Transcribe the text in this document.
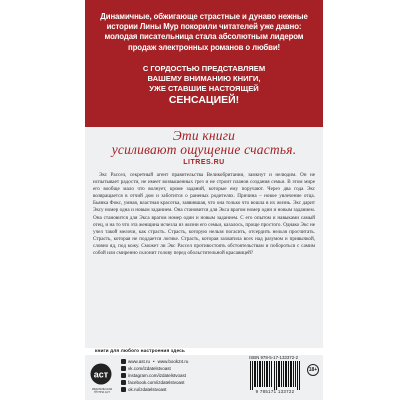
Динамичные, обжигающе страстные и дунаво нежные истории Лины Мур покорили читателей уже давно: молодая писательница стала абсолютным лидером продаж электронных романов о любви!

С ГОРДОСТЬЮ ПРЕДСТАВЛЯЕМ
ВАШЕМУ ВНИМАНИЮ КНИГИ,
УЖЕ СТАВШИЕ НАСТОЯЩЕЙ
СЕНСАЦИЕЙ!
Эти книги
усиливают ощущение счастья.
LITRES.RU

Экс Рассел, секретный агент правительства Великобритании, замкнут и нелюдим. Он не испытывает радости, не имеет возвышенных грез и не строит планов создания семьи. В этом мире его вообще мало что волнует, кроме заданий, которые ему поручают. Через два года Экс возвращается в отчий дом и заботится о раненых родителях. Причина – новое увлечение отца. Бьянка Фокс, умная, властная красотка, заявившая, что она только что вошла в их жизнь. Экс дарит Эксу номер одна и новым заданием. Она становится для Экса врагом номер один и новым заданием. Она становится для Экса врагом номер один и новым заданием. С его опытом и навыками самый отец, и на то что эта женщина исчезла из жизни его семьи, казалось, проще простого. Однако Экс не учел такой мелочи, как страсть. Страсть, которую нельзя погасить, отсердить нельзя просчитать. Страсть, которая не поддается логике. Страсть, которая захватила всех над разумом и привычкой, словно яд, под кожу. Сможет ли Экс Рассел противостоять обстоятельствам и побороться с самим собой или смиренно склонит голову перед обольстительной красавицей?

книги для любого настроения здесь
аст
ИЗДАТЕЛЬСКАЯ ГРУППА АСТ
www.ast.ru • www.book24.ru
vk.com/izdatelstvoast
instagram.com/izdatelstvoast
facebook.com/izdatelstvoast
ok.ru/izdatelstvoast
ISBN 978-5-17-133372-2
9 785171 133722
18+
